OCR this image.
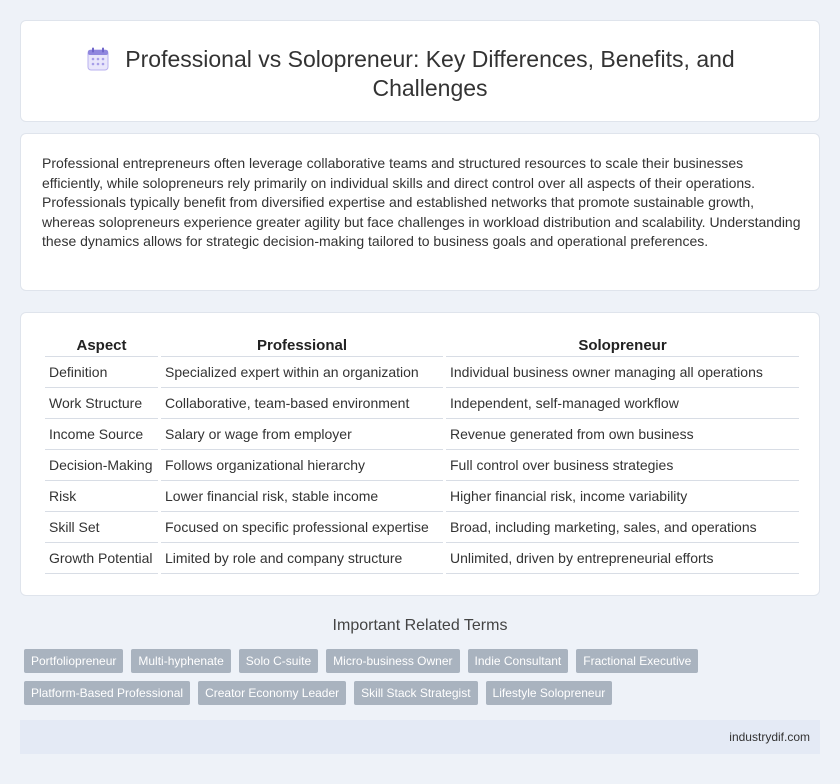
Professional vs Solopreneur: Key Differences, Benefits, and Challenges

Professional entrepreneurs often leverage collaborative teams and structured resources to scale their businesses efficiently, while solopreneurs rely primarily on individual skills and direct control over all aspects of their operations. Professionals typically benefit from diversified expertise and established networks that promote sustainable growth, whereas solopreneurs experience greater agility but face challenges in workload distribution and scalability. Understanding these dynamics allows for strategic decision-making tailored to business goals and operational preferences.

Aspect	Professional	Solopreneur
Definition	Specialized expert within an organization	Individual business owner managing all operations
Work Structure	Collaborative, team-based environment	Independent, self-managed workflow
Income Source	Salary or wage from employer	Revenue generated from own business
Decision-Making	Follows organizational hierarchy	Full control over business strategies
Risk	Lower financial risk, stable income	Higher financial risk, income variability
Skill Set	Focused on specific professional expertise	Broad, including marketing, sales, and operations
Growth Potential	Limited by role and company structure	Unlimited, driven by entrepreneurial efforts
Important Related Terms
Portfoliopreneur	Multi-hyphenate	Solo C-suite	Micro-business Owner	Indie Consultant	Fractional Executive
Platform-Based Professional	Creator Economy Leader	Skill Stack Strategist	Lifestyle Solopreneur
industrydif.com
